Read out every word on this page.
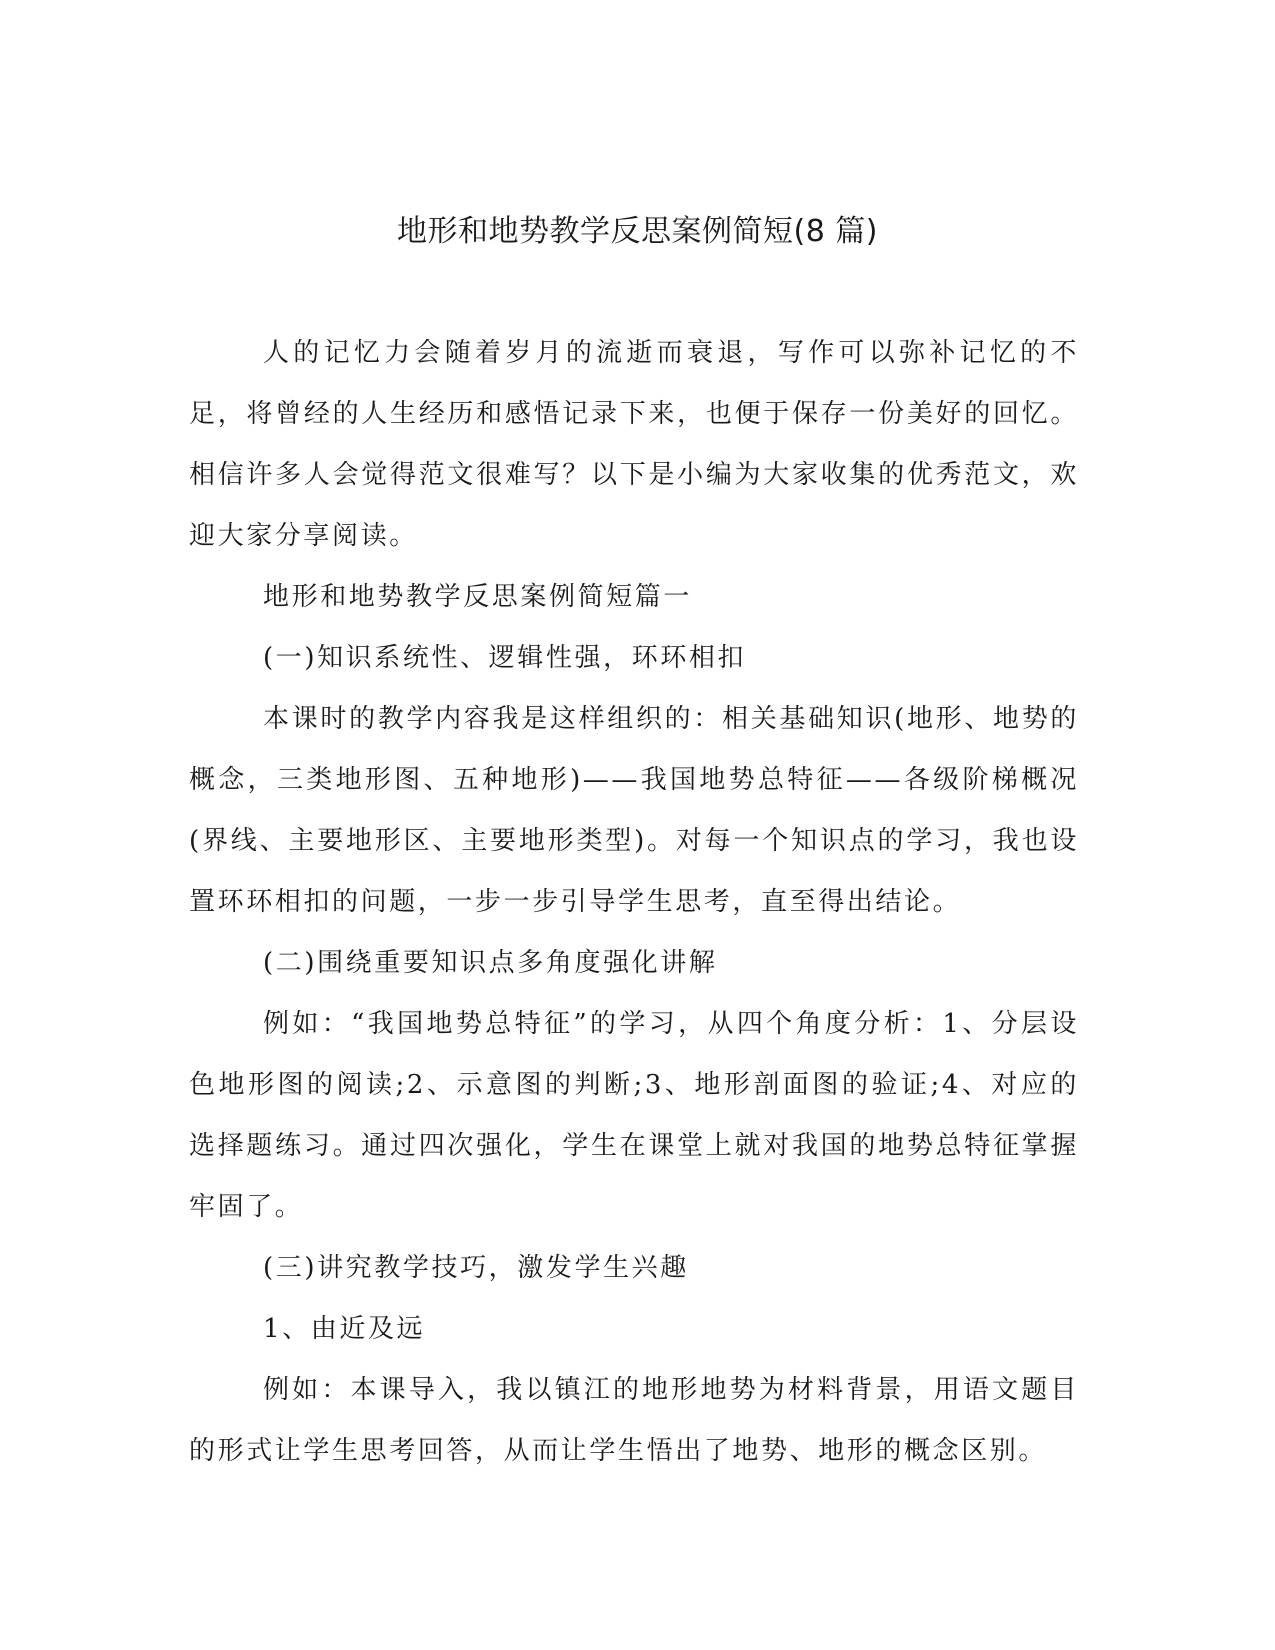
地形和地势教学反思案例简短(8 篇)

人的记忆力会随着岁月的流逝而衰退，写作可以弥补记忆的不足，将曾经的人生经历和感悟记录下来，也便于保存一份美好的回忆。相信许多人会觉得范文很难写？以下是小编为大家收集的优秀范文，欢迎大家分享阅读。

地形和地势教学反思案例简短篇一

(一)知识系统性、逻辑性强，环环相扣

本课时的教学内容我是这样组织的：相关基础知识(地形、地势的概念，三类地形图、五种地形)——我国地势总特征——各级阶梯概况(界线、主要地形区、主要地形类型)。对每一个知识点的学习，我也设置环环相扣的问题，一步一步引导学生思考，直至得出结论。

(二)围绕重要知识点多角度强化讲解

例如：“我国地势总特征”的学习，从四个角度分析：1、分层设色地形图的阅读;2、示意图的判断;3、地形剖面图的验证;4、对应的选择题练习。通过四次强化，学生在课堂上就对我国的地势总特征掌握牢固了。

(三)讲究教学技巧，激发学生兴趣

1、由近及远

例如：本课导入，我以镇江的地形地势为材料背景，用语文题目的形式让学生思考回答，从而让学生悟出了地势、地形的概念区别。
